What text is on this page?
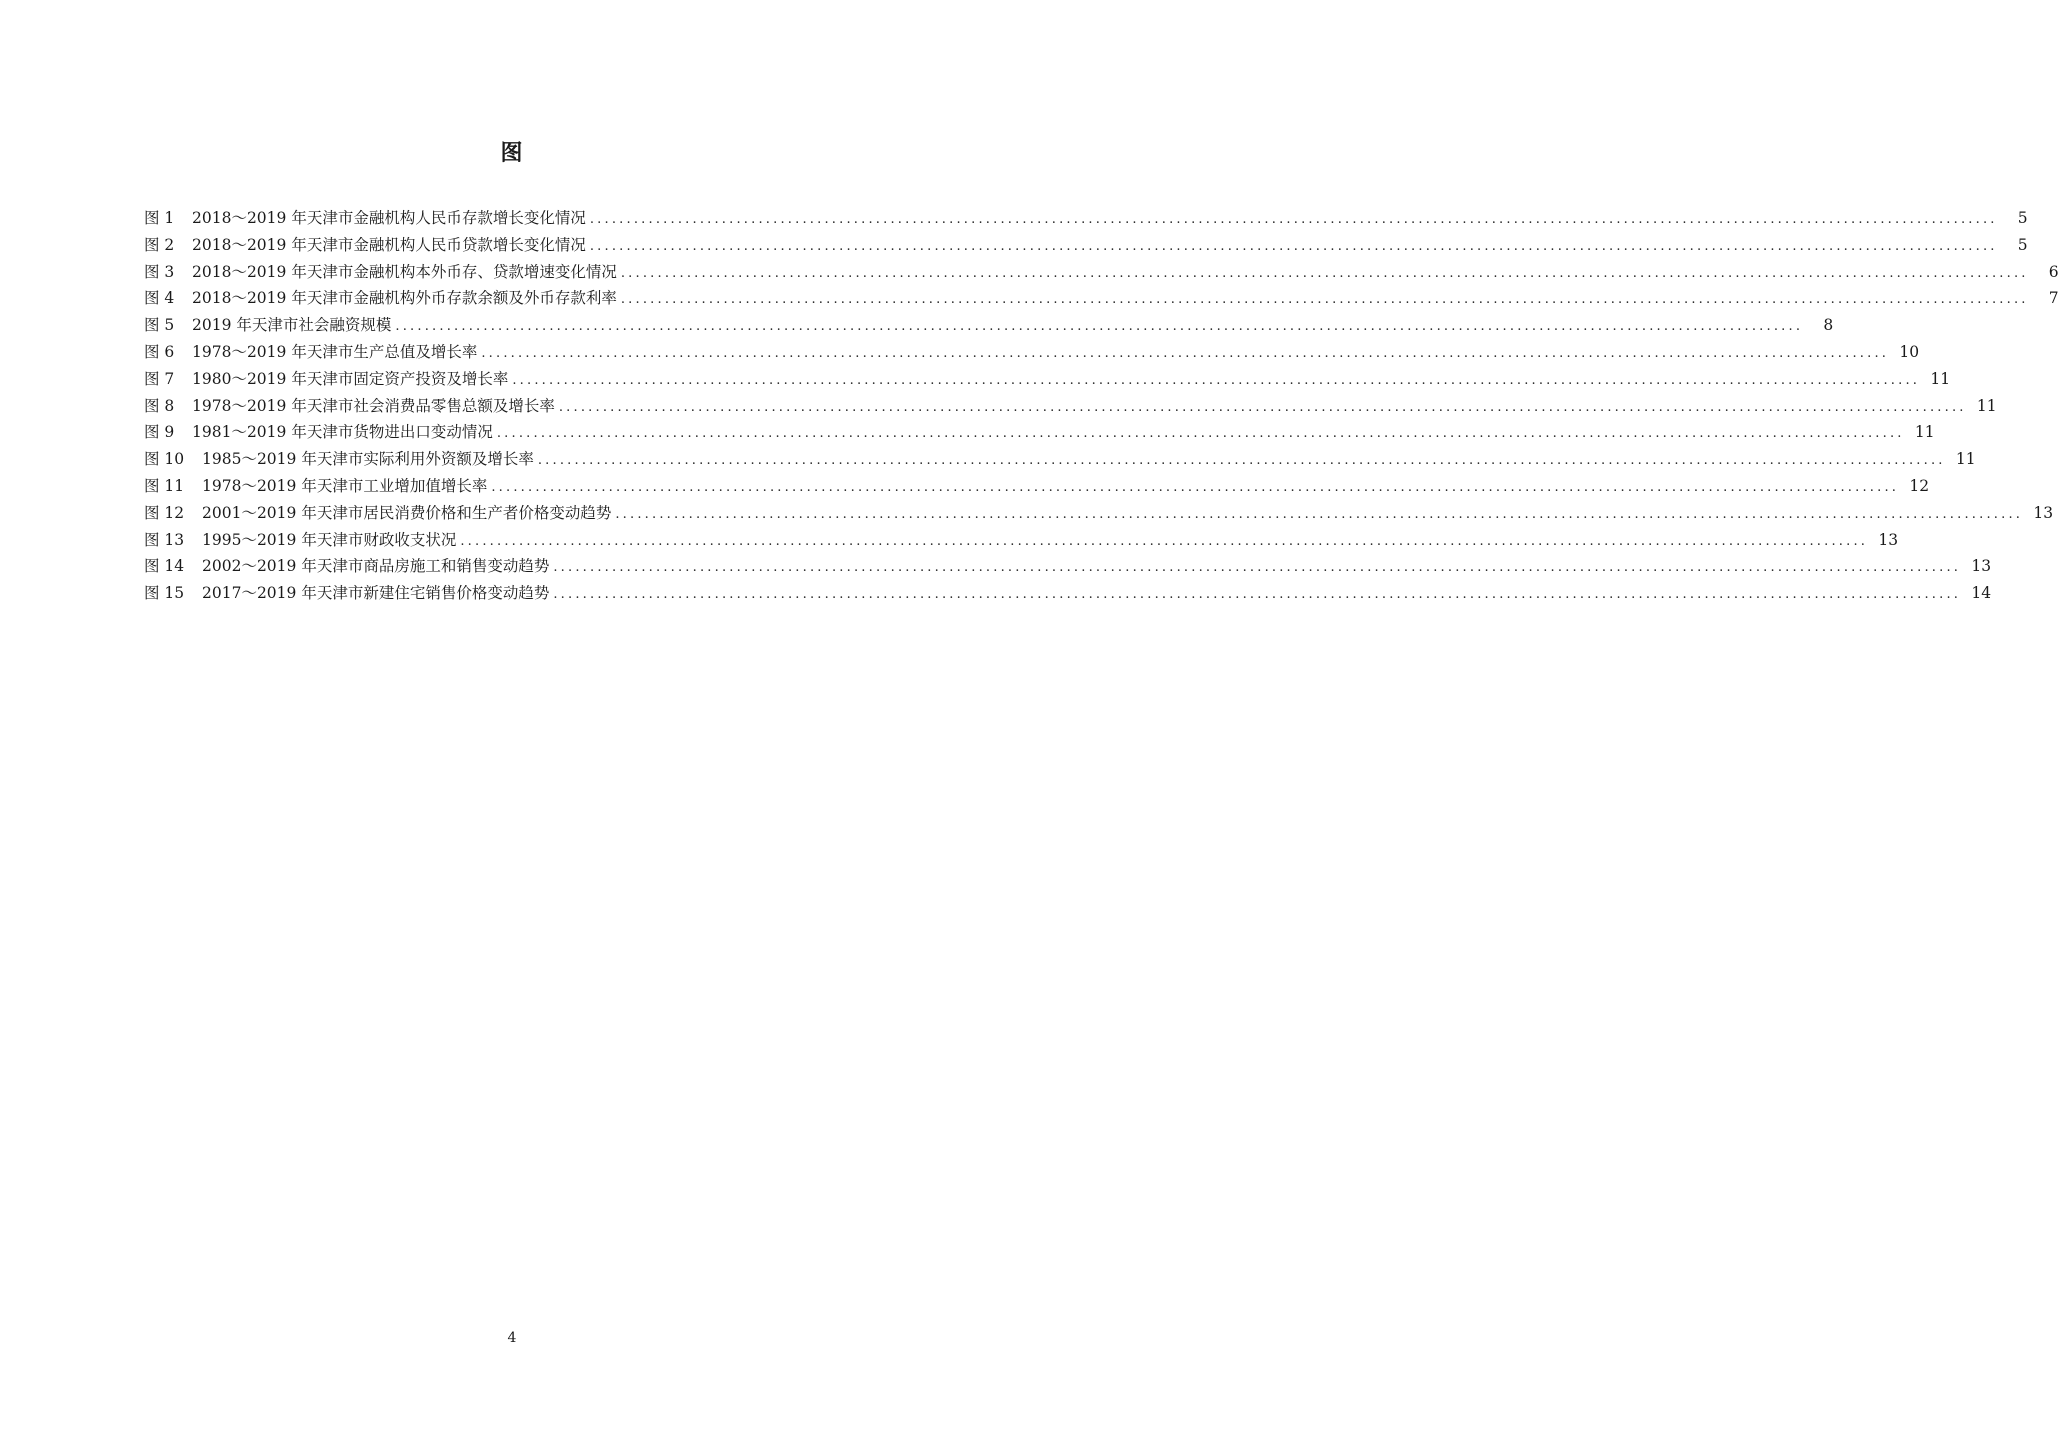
图
图 1	2018～2019 年天津市金融机构人民币存款增长变化情况 .....	5
图 2	2018～2019 年天津市金融机构人民币贷款增长变化情况 .....	5
图 3	2018～2019 年天津市金融机构本外币存、贷款增速变化情况 .....	6
图 4	2018～2019 年天津市金融机构外币存款余额及外币存款利率 .....	7
图 5	2019 年天津市社会融资规模 .....	8
图 6	1978～2019 年天津市生产总值及增长率 .....	10
图 7	1980～2019 年天津市固定资产投资及增长率 .....	11
图 8	1978～2019 年天津市社会消费品零售总额及增长率 .....	11
图 9	1981～2019 年天津市货物进出口变动情况 .....	11
图 10	1985～2019 年天津市实际利用外资额及增长率 .....	11
图 11	1978～2019 年天津市工业增加值增长率 .....	12
图 12	2001～2019 年天津市居民消费价格和生产者价格变动趋势 .....	13
图 13	1995～2019 年天津市财政收支状况 .....	13
图 14	2002～2019 年天津市商品房施工和销售变动趋势 .....	13
图 15	2017～2019 年天津市新建住宅销售价格变动趋势 .....	14
4
